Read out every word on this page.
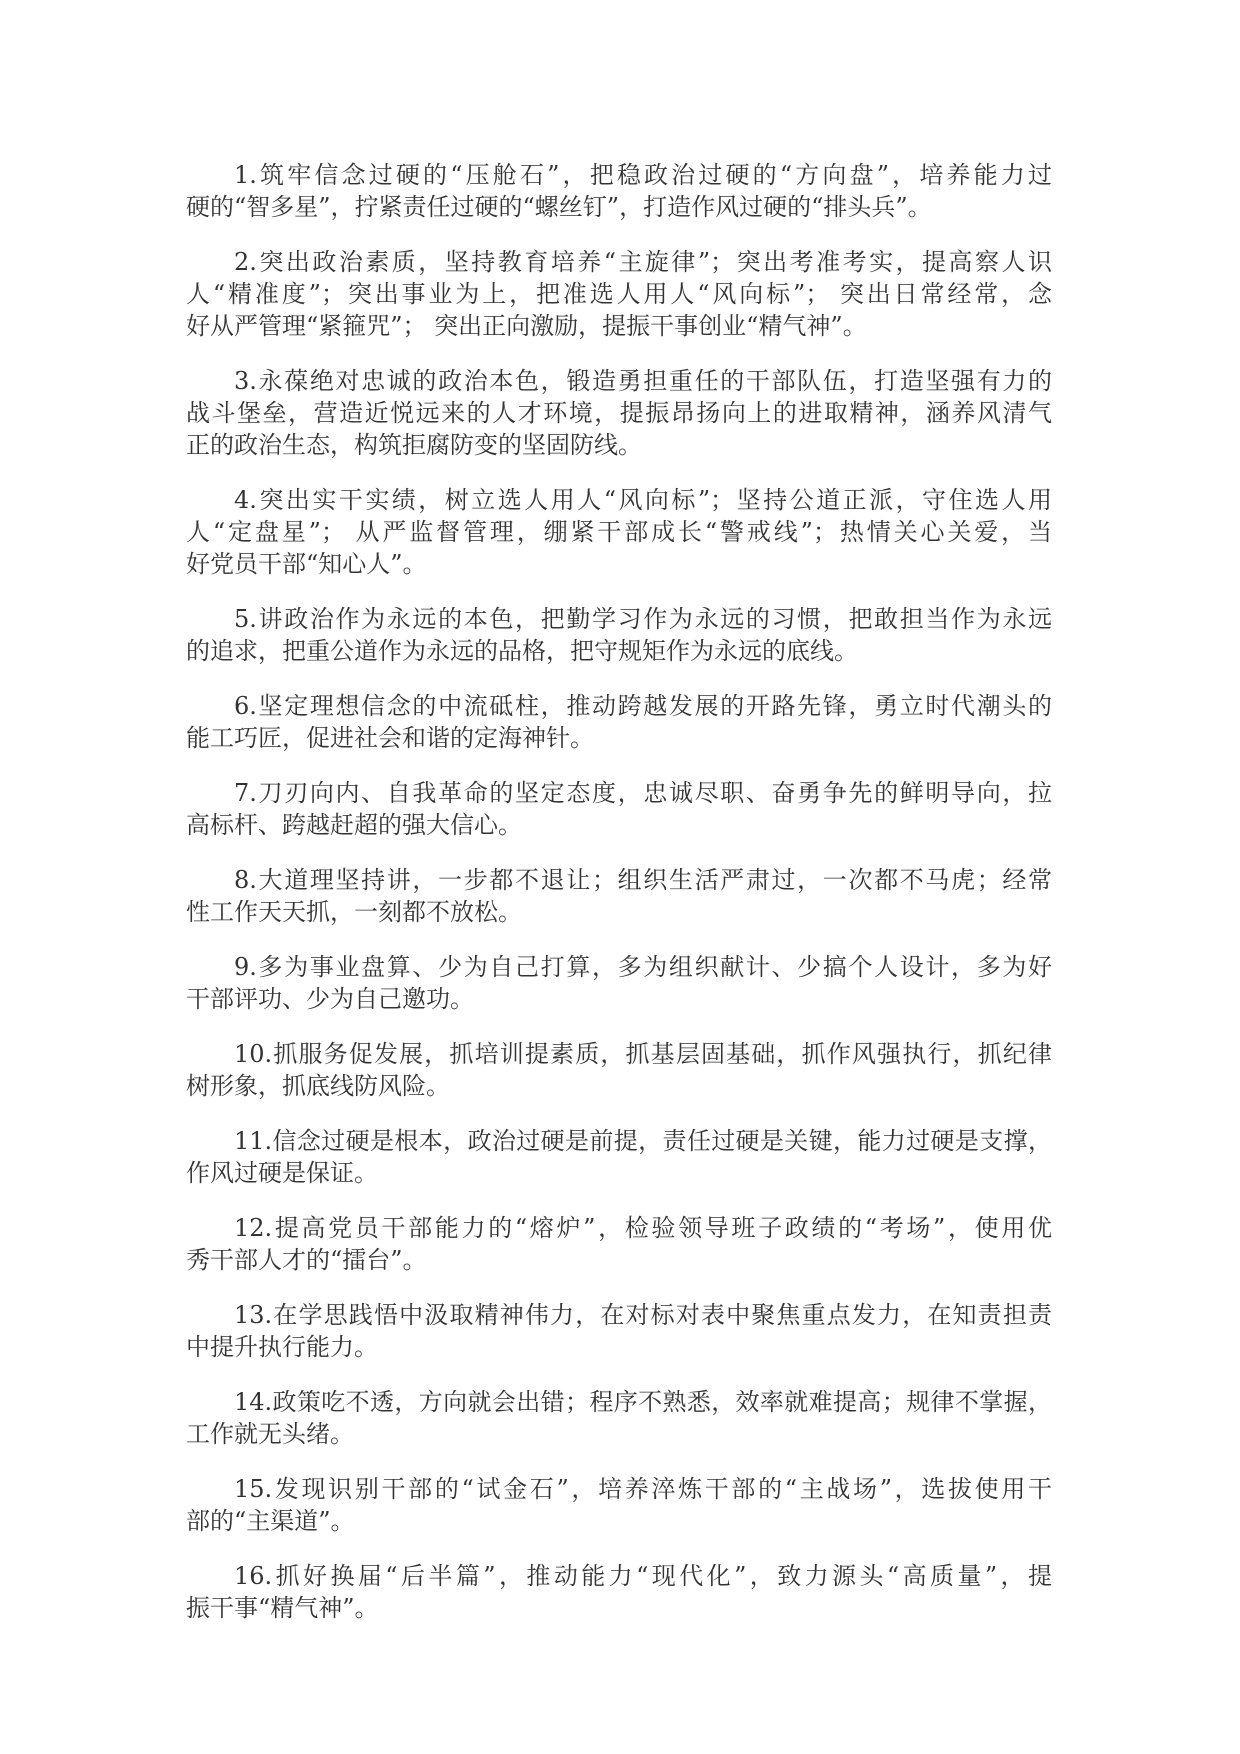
1.筑牢信念过硬的“压舱石”，把稳政治过硬的“方向盘”，培养能力过
硬的“智多星”，拧紧责任过硬的“螺丝钉”，打造作风过硬的“排头兵”。

2.突出政治素质，坚持教育培养“主旋律”；突出考准考实，提高察人识
人“精准度”；突出事业为上，把准选人用人“风向标”； 突出日常经常，念
好从严管理“紧箍咒”； 突出正向激励，提振干事创业“精气神”。

3.永葆绝对忠诚的政治本色，锻造勇担重任的干部队伍，打造坚强有力的
战斗堡垒，营造近悦远来的人才环境，提振昂扬向上的进取精神，涵养风清气
正的政治生态，构筑拒腐防变的坚固防线。

4.突出实干实绩，树立选人用人“风向标”；坚持公道正派，守住选人用
人“定盘星”； 从严监督管理，绷紧干部成长“警戒线”；热情关心关爱，当
好党员干部“知心人”。

5.讲政治作为永远的本色，把勤学习作为永远的习惯，把敢担当作为永远
的追求，把重公道作为永远的品格，把守规矩作为永远的底线。

6.坚定理想信念的中流砥柱，推动跨越发展的开路先锋，勇立时代潮头的
能工巧匠，促进社会和谐的定海神针。

7.刀刃向内、自我革命的坚定态度，忠诚尽职、奋勇争先的鲜明导向，拉
高标杆、跨越赶超的强大信心。

8.大道理坚持讲，一步都不退让；组织生活严肃过，一次都不马虎；经常
性工作天天抓，一刻都不放松。

9.多为事业盘算、少为自己打算，多为组织献计、少搞个人设计，多为好
干部评功、少为自己邀功。

10.抓服务促发展，抓培训提素质，抓基层固基础，抓作风强执行，抓纪律
树形象，抓底线防风险。

11.信念过硬是根本，政治过硬是前提，责任过硬是关键，能力过硬是支撑，
作风过硬是保证。

12.提高党员干部能力的“熔炉”，检验领导班子政绩的“考场”，使用优
秀干部人才的“擂台”。

13.在学思践悟中汲取精神伟力，在对标对表中聚焦重点发力，在知责担责
中提升执行能力。

14.政策吃不透，方向就会出错；程序不熟悉，效率就难提高；规律不掌握，
工作就无头绪。

15.发现识别干部的“试金石”，培养淬炼干部的“主战场”，选拔使用干
部的“主渠道”。

16.抓好换届“后半篇”，推动能力“现代化”，致力源头“高质量”，提
振干事“精气神”。
